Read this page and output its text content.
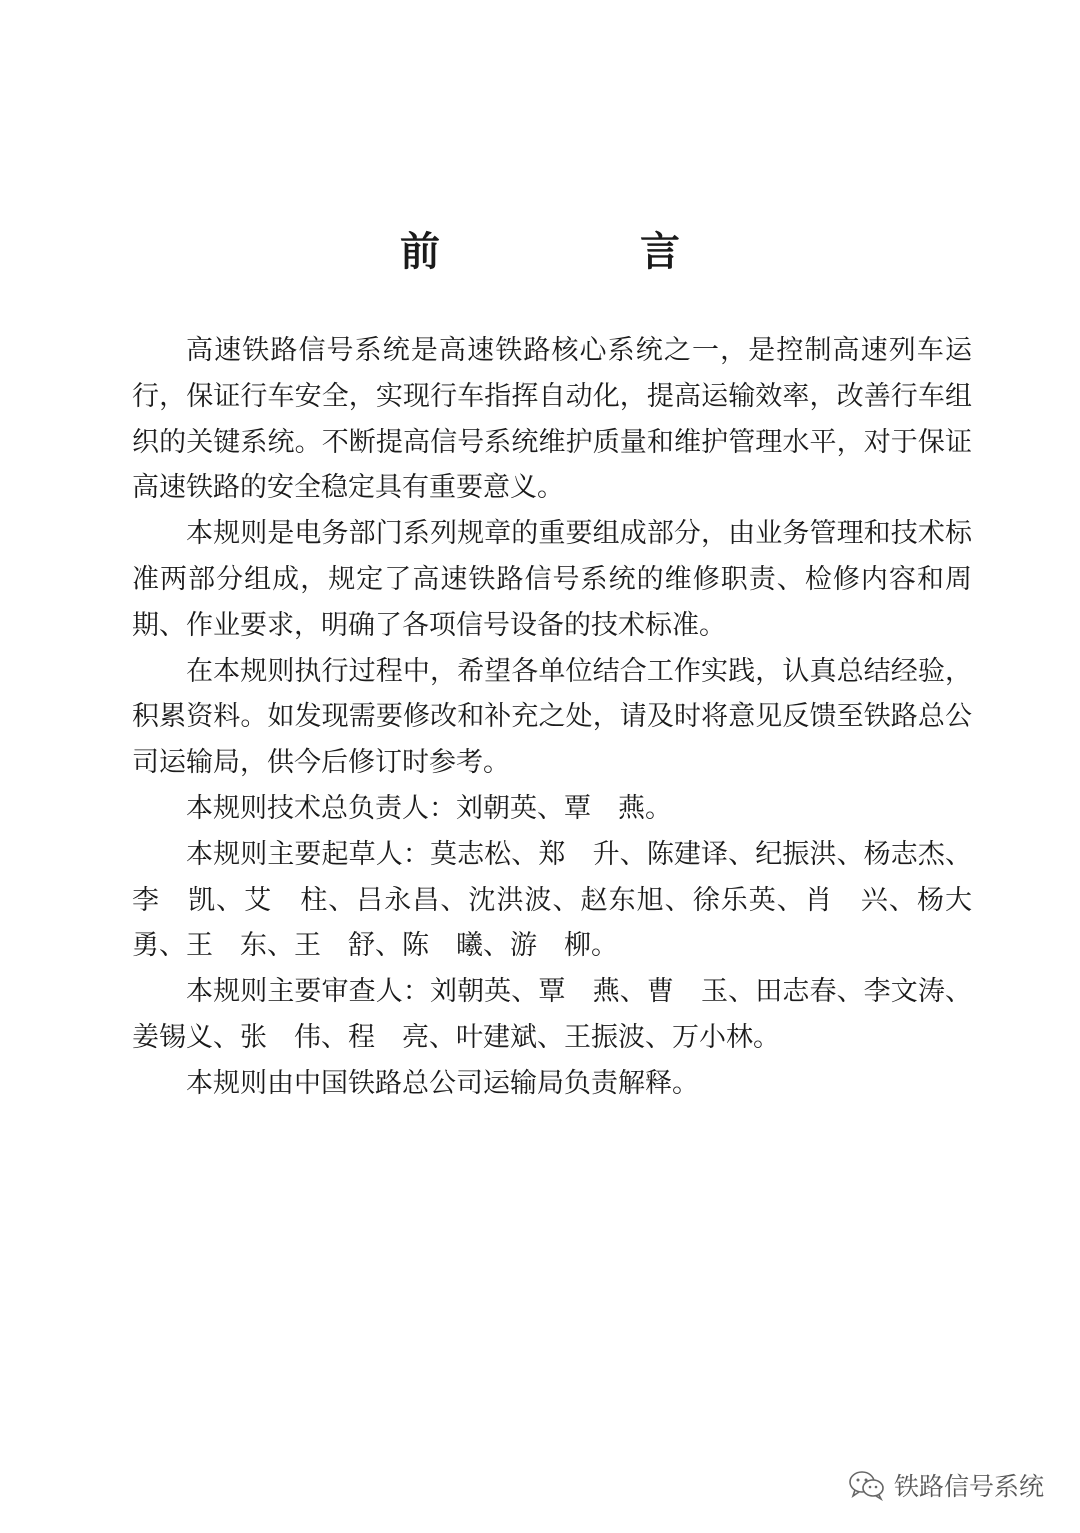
前　言

高速铁路信号系统是高速铁路核心系统之一，是控制高速列车运行，保证行车安全，实现行车指挥自动化，提高运输效率，改善行车组织的关键系统。不断提高信号系统维护质量和维护管理水平，对于保证高速铁路的安全稳定具有重要意义。

本规则是电务部门系列规章的重要组成部分，由业务管理和技术标准两部分组成，规定了高速铁路信号系统的维修职责、检修内容和周期、作业要求，明确了各项信号设备的技术标准。

在本规则执行过程中，希望各单位结合工作实践，认真总结经验，积累资料。如发现需要修改和补充之处，请及时将意见反馈至铁路总公司运输局，供今后修订时参考。

本规则技术总负责人：刘朝英、覃　燕。

本规则主要起草人：莫志松、郑　升、陈建译、纪振洪、杨志杰、李　凯、艾　柱、吕永昌、沈洪波、赵东旭、徐乐英、肖　兴、杨大勇、王　东、王　舒、陈　曦、游　柳。

本规则主要审查人：刘朝英、覃　燕、曹　玉、田志春、李文涛、姜锡义、张　伟、程　亮、叶建斌、王振波、万小林。

本规则由中国铁路总公司运输局负责解释。

铁路信号系统
